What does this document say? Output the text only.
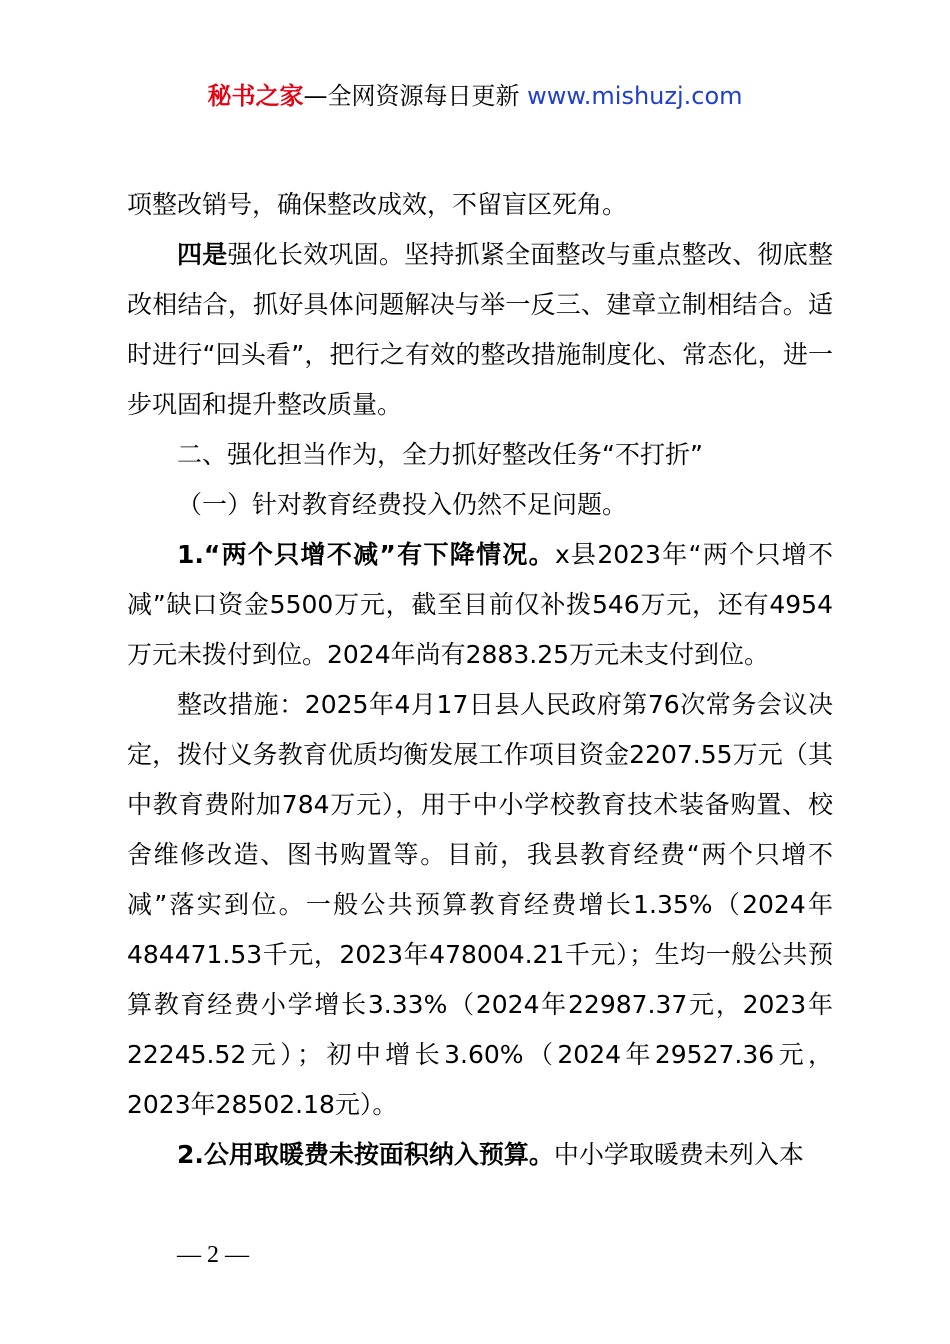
秘书之家—全网资源每日更新 www.mishuzj.com

项整改销号，确保整改成效，不留盲区死角。

四是强化长效巩固。坚持抓紧全面整改与重点整改、彻底整改相结合，抓好具体问题解决与举一反三、建章立制相结合。适时进行“回头看”，把行之有效的整改措施制度化、常态化，进一步巩固和提升整改质量。

二、强化担当作为，全力抓好整改任务“不打折”

（一）针对教育经费投入仍然不足问题。

1.“两个只增不减”有下降情况。x县2023年“两个只增不减”缺口资金5500万元，截至目前仅补拨546万元，还有4954万元未拨付到位。2024年尚有2883.25万元未支付到位。

整改措施：2025年4月17日县人民政府第76次常务会议决定，拨付义务教育优质均衡发展工作项目资金2207.55万元（其中教育费附加784万元），用于中小学校教育技术装备购置、校舍维修改造、图书购置等。目前，我县教育经费“两个只增不减”落实到位。一般公共预算教育经费增长1.35%（2024年484471.53千元，2023年478004.21千元）；生均一般公共预算教育经费小学增长3.33%（2024年22987.37元，2023年22245.52元）；初中增长3.60%（2024年29527.36元，2023年28502.18元）。

2.公用取暖费未按面积纳入预算。中小学取暖费未列入本

— 2 —
